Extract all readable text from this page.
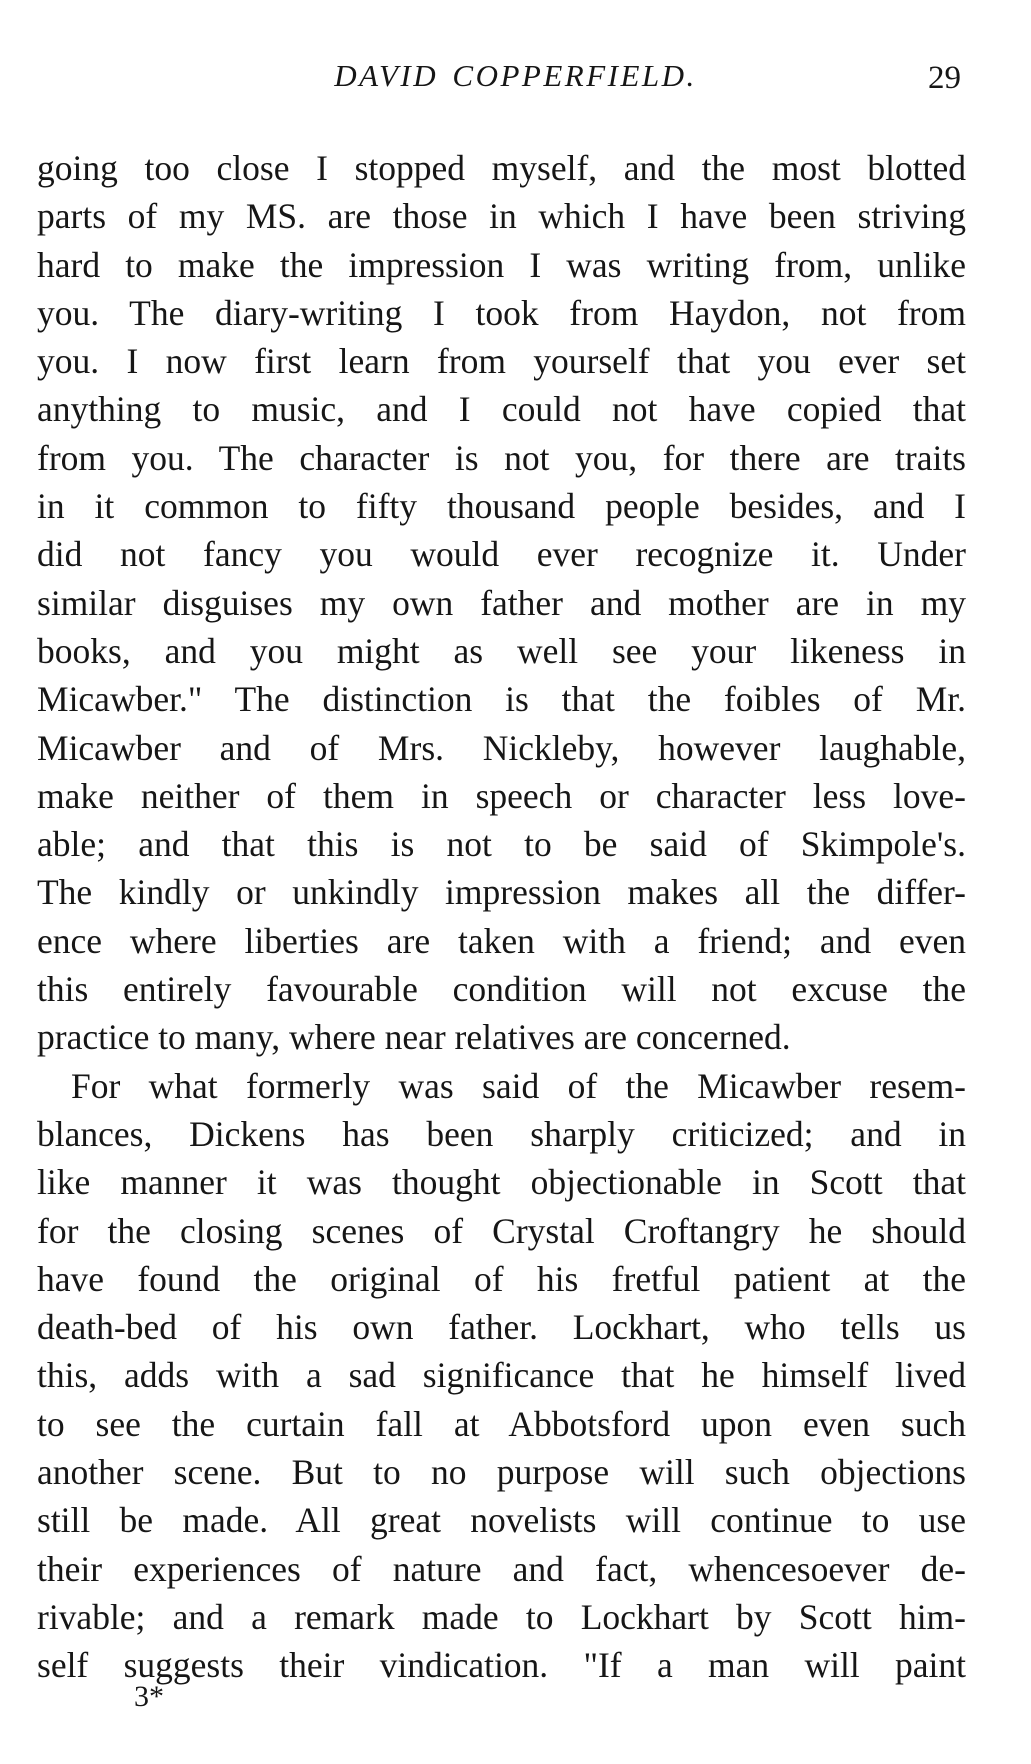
DAVID COPPERFIELD.	29
going too close I stopped myself, and the most blotted
parts of my MS. are those in which I have been striving
hard to make the impression I was writing from, unlike
you. The diary-writing I took from Haydon, not from
you. I now first learn from yourself that you ever set
anything to music, and I could not have copied that
from you. The character is not you, for there are traits
in it common to fifty thousand people besides, and I
did not fancy you would ever recognize it. Under
similar disguises my own father and mother are in my
books, and you might as well see your likeness in
Micawber." The distinction is that the foibles of Mr.
Micawber and of Mrs. Nickleby, however laughable,
make neither of them in speech or character less love-
able; and that this is not to be said of Skimpole's.
The kindly or unkindly impression makes all the differ-
ence where liberties are taken with a friend; and even
this entirely favourable condition will not excuse the
practice to many, where near relatives are concerned.
For what formerly was said of the Micawber resem-
blances, Dickens has been sharply criticized; and in
like manner it was thought objectionable in Scott that
for the closing scenes of Crystal Croftangry he should
have found the original of his fretful patient at the
death-bed of his own father. Lockhart, who tells us
this, adds with a sad significance that he himself lived
to see the curtain fall at Abbotsford upon even such
another scene. But to no purpose will such objections
still be made. All great novelists will continue to use
their experiences of nature and fact, whencesoever de-
rivable; and a remark made to Lockhart by Scott him-
self suggests their vindication. "If a man will paint
3*
